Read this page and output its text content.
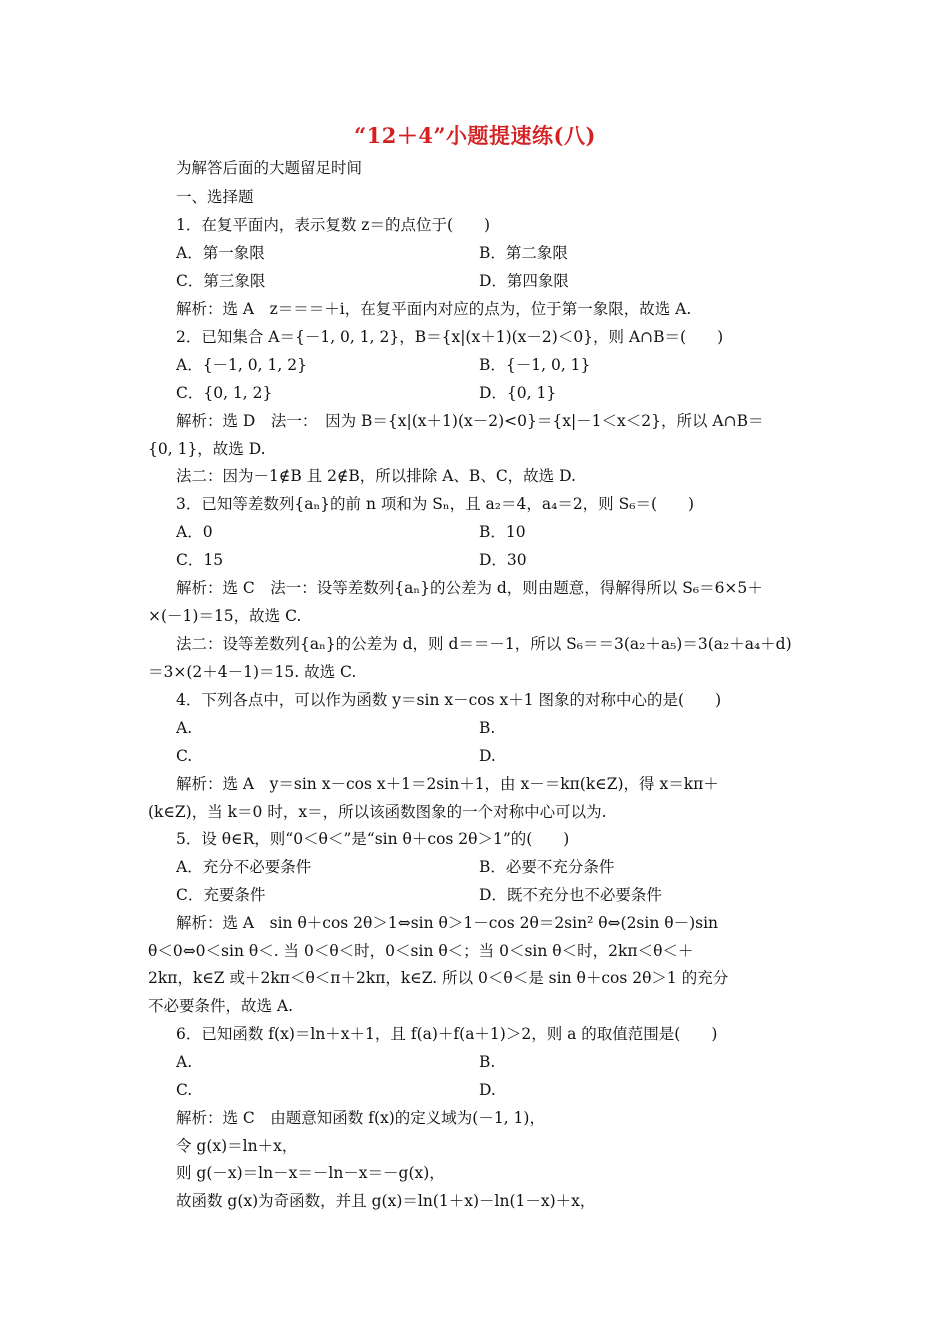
“12＋4”小题提速练(八)
为解答后面的大题留足时间
一、选择题
1．在复平面内，表示复数 z＝的点位于(　　)
A．第一象限	B．第二象限
C．第三象限	D．第四象限
解析：选 A　z＝＝＝＋i，在复平面内对应的点为，位于第一象限，故选 A.
2．已知集合 A＝{－1, 0, 1, 2}，B＝{x|(x＋1)(x－2)＜0}，则 A∩B＝(　　)
A．{－1, 0, 1, 2}	B．{－1, 0, 1}
C．{0, 1, 2}	D．{0, 1}
解析：选 D　法一：　因为 B＝{x|(x＋1)(x－2)<0}＝{x|－1＜x＜2}，所以 A∩B＝
{0, 1}，故选 D.
法二：因为－1∉B 且 2∉B，所以排除 A、B、C，故选 D.
3．已知等差数列{aₙ}的前 n 项和为 Sₙ，且 a₂＝4，a₄＝2，则 S₆＝(　　)
A．0	B．10
C．15	D．30
解析：选 C　法一：设等差数列{aₙ}的公差为 d，则由题意，得解得所以 S₆＝6×5＋
×(－1)＝15，故选 C.
法二：设等差数列{aₙ}的公差为 d，则 d＝＝－1，所以 S₆＝＝3(a₂＋a₅)＝3(a₂＋a₄＋d)
＝3×(2＋4－1)＝15. 故选 C.
4．下列各点中，可以作为函数 y＝sin x－cos x＋1 图象的对称中心的是(　　)
A.	B.
C.	D.
解析：选 A　y＝sin x－cos x＋1＝2sin＋1，由 x－＝kπ(k∈Z)，得 x＝kπ＋
(k∈Z)，当 k＝0 时，x＝，所以该函数图象的一个对称中心可以为.
5．设 θ∈R，则“0＜θ＜”是“sin θ＋cos 2θ＞1”的(　　)
A．充分不必要条件	B．必要不充分条件
C．充要条件	D．既不充分也不必要条件
解析：选 A　sin θ＋cos 2θ＞1⇔sin θ＞1－cos 2θ＝2sin² θ⇔(2sin θ－)sin
θ＜0⇔0＜sin θ＜. 当 0＜θ＜时，0＜sin θ＜；当 0＜sin θ＜时，2kπ＜θ＜＋
2kπ，k∈Z 或＋2kπ＜θ＜π＋2kπ，k∈Z. 所以 0＜θ＜是 sin θ＋cos 2θ＞1 的充分
不必要条件，故选 A.
6．已知函数 f(x)＝ln＋x＋1，且 f(a)＋f(a＋1)＞2，则 a 的取值范围是(　　)
A.	B.
C.	D.
解析：选 C　由题意知函数 f(x)的定义域为(－1, 1)，
令 g(x)＝ln＋x，
则 g(－x)＝ln－x＝－ln－x＝－g(x)，
故函数 g(x)为奇函数，并且 g(x)＝ln(1＋x)－ln(1－x)＋x，
